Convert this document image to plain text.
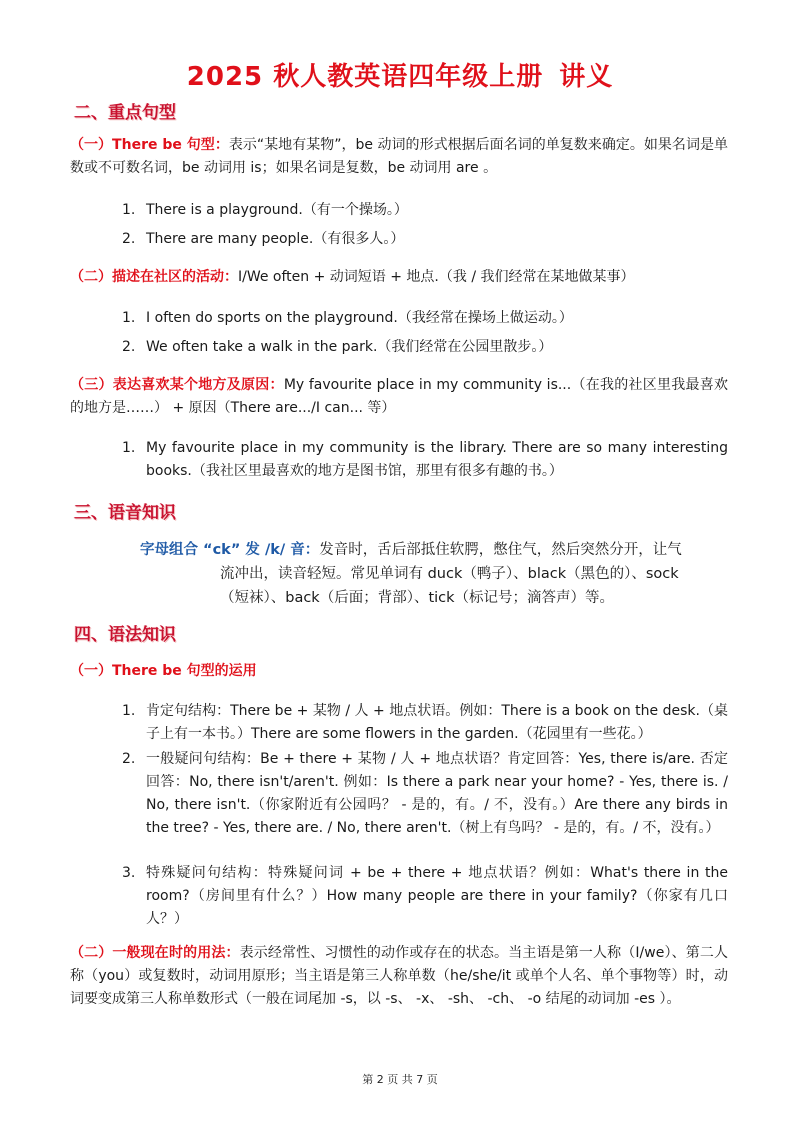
2025 秋人教英语四年级上册 讲义
二、重点句型
（一）There be 句型：表示“某地有某物”，be 动词的形式根据后面名词的单复数来确定。如果名词是单数或不可数名词，be 动词用 is；如果名词是复数，be 动词用 are 。
1. There is a playground.（有一个操场。）
2. There are many people.（有很多人。）
（二）描述在社区的活动：I/We often + 动词短语 + 地点.（我 / 我们经常在某地做某事）
1. I often do sports on the playground.（我经常在操场上做运动。）
2. We often take a walk in the park.（我们经常在公园里散步。）
（三）表达喜欢某个地方及原因：My favourite place in my community is...（在我的社区里我最喜欢的地方是……） + 原因（There are.../I can... 等）
1. My favourite place in my community is the library. There are so many interesting books.（我社区里最喜欢的地方是图书馆，那里有很多有趣的书。）
三、语音知识
字母组合 “ck” 发 /k/ 音：发音时，舌后部抵住软腭，憋住气，然后突然分开，让气
流冲出，读音轻短。常见单词有 duck（鸭子）、black（黑色的）、sock
（短袜）、back（后面；背部）、tick（标记号；滴答声）等。
四、语法知识
（一）There be 句型的运用
1. 肯定句结构：There be + 某物 / 人 + 地点状语。例如：There is a book on the desk.（桌子上有一本书。）There are some flowers in the garden.（花园里有一些花。）
2. 一般疑问句结构：Be + there + 某物 / 人 + 地点状语？肯定回答：Yes, there is/are. 否定回答：No, there isn't/aren't. 例如：Is there a park near your home? - Yes, there is. / No, there isn't.（你家附近有公园吗？ - 是的，有。/ 不，没有。）Are there any birds in the tree? - Yes, there are. / No, there aren't.（树上有鸟吗？ - 是的，有。/ 不，没有。）
3. 特殊疑问句结构：特殊疑问词 + be + there + 地点状语？例如：What's there in the room?（房间里有什么？）How many people are there in your family?（你家有几口人？）
（二）一般现在时的用法：表示经常性、习惯性的动作或存在的状态。当主语是第一人称（I/we）、第二人称（you）或复数时，动词用原形；当主语是第三人称单数（he/she/it 或单个人名、单个事物等）时，动词要变成第三人称单数形式（一般在词尾加 -s，以 -s、 -x、 -sh、 -ch、 -o 结尾的动词加 -es ）。
第 2 页 共 7 页
